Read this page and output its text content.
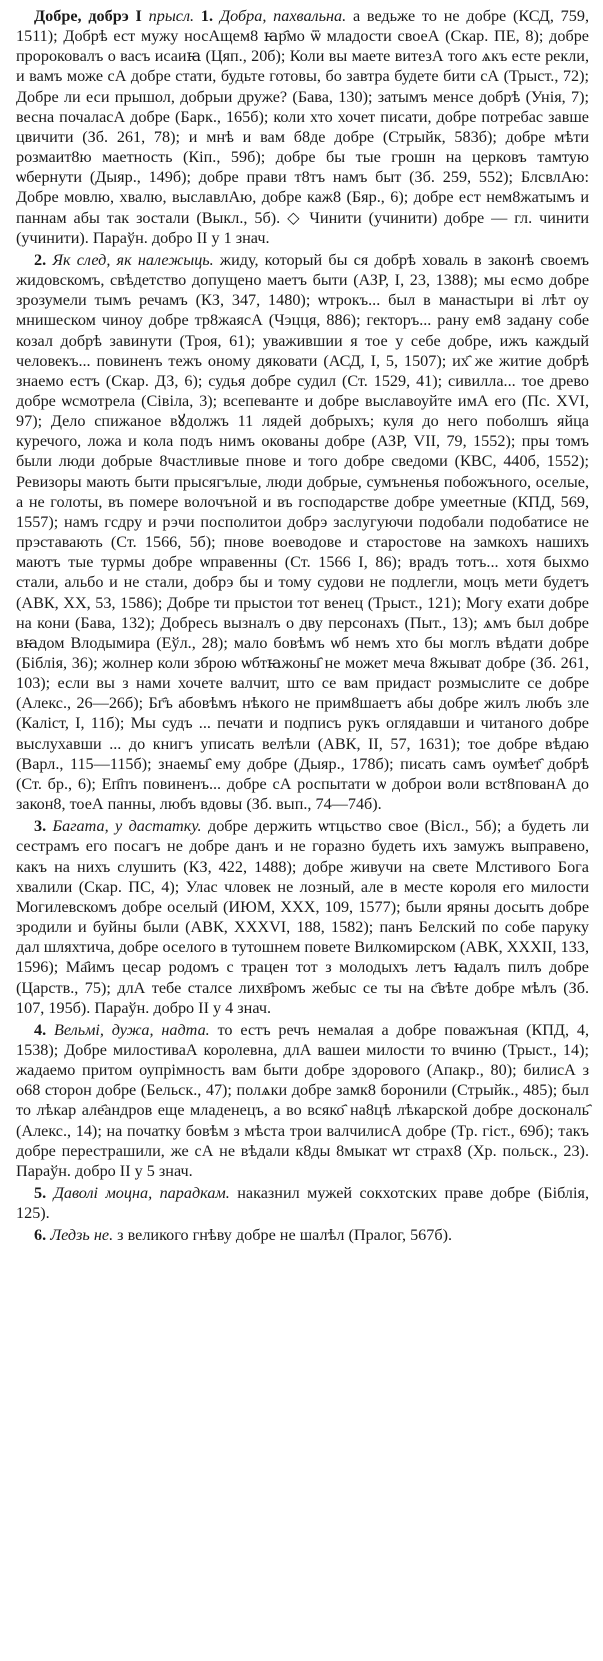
Добре, добрэ I прысл. 1. Добра, пахвальна. а ведьже то не добре (КСД, 759, 1511); Добрѣ ест мужу носАщем8 ꙗр҄мо ѿ младости своеА (Скар. ПЕ, 8); добре пророковалъ о васъ исаиꙗ (Цяп., 20б); Коли вы маете витезА того ѧкъ есте рекли, и вамъ може сА добре стати, будьте готовы, бо завтра будете бити сА (Трыст., 72); Добре ли еси прышол, добрыи друже? (Бава, 130); затымъ менсе добрѣ (Унія, 7); весна почаласА добре (Барк., 165б); коли хто хочет писати, добре потребас завше цвичити (Зб. 261, 78); и мнѣ и вам б8де добре (Стрыйк, 583б); добре мѣти розмаит8ю маетность (Кіп., 59б); добре бы тые грошн на церковъ тамтую ѡбернути (Дыяр., 149б); добре прави т8тъ намъ быт (Зб. 259, 552); БлсвлАю: Добре мовлю, хвалю, выславлАю, добре каж8 (Бяр., 6); добре ест нем8жатымъ и паннам абы так зостали (Выкл., 5б). ◇ Чинити (учинити) добре — гл. чинити (учинити). Параўн. добро II у 1 знач.

2. Як след, як належыць. жиду, который бы ся добрѣ ховаль в законѣ своемъ жидовскомъ, свѣдетство допущено маетъ быти (АЗР, I, 23, 1388); мы есмо добре зрозумели тымъ речамъ (КЗ, 347, 1480); ѡтрокъ... был в манастыри ві лѣт оу мнишеском чиноу добре тр8жаясА (Чэцця, 886); гекторъ... рану ем8 задану собе козал добрѣ завинути (Троя, 61); уважившии я тое у себе добре, ижъ каждый человекъ... повиненъ тежъ оному дяковати (АСД, I, 5, 1507); их҄ же житие добрѣ знаемо естъ (Скар. ДЗ, 6); судья добре судил (Ст. 1529, 41); сивилла... тое древо добре ѡсмотрела (Сівіла, 3); всепеванте и добре выславоуйте имА его (Пс. XVI, 97); Дело спижаное вꙋдолжъ 11 лядей добрыхъ; куля до него поболшъ яйца куречого, ложа и кола подъ нимъ окованы добре (АЗР, VII, 79, 1552); пры томъ были люди добрые 8частливые пнове и того добре сведоми (КВС, 440б, 1552); Ревизоры мають быти прысягълые, люди добрые, сумъненья побожъного, оселые, а не голоты, въ помере волочъной и въ господарстве добре умеетные (КПД, 569, 1557); намъ гсдру и рэчи посполитои добрэ заслугуючи подобали подобатисе не прэставають (Ст. 1566, 5б); пнове воеводове и старостове на замкохъ нашихъ маютъ тые турмы добре ѡправенны (Ст. 1566 I, 86); врадъ тотъ... хотя быхмо стали, альбо и не стали, добрэ бы и тому судови не подлегли, моцъ мети будетъ (АВК, XX, 53, 1586); Добре ти прыстои тот венец (Трыст., 121); Могу ехати добре на кони (Бава, 132); Добресь вызналъ о дву персонахъ (Пыт., 13); ѧмъ был добре вꙗдом Влодымира (Еўл., 28); мало бовѣмъ ѡб немъ хто бы моглъ вѣдати добре (Біблія, 36); жолнер коли зброю ѡбтꙗжоны҄ не может меча 8жыват добре (Зб. 261, 103); если вы з нами хочете валчит, што се вам придаст розмыслите се добре (Алекс., 26—26б); Бг҄ъ абовѣмъ нѣкого не прим8шаетъ абы добре жилъ любъ зле (Каліст, I, 11б); Мы судъ ... печати и подписъ рукъ оглядавши и читаного добре выслухавши ... до книгъ уписать велѣли (АВК, II, 57, 1631); тое добре вѣдаю (Варл., 115—115б); знаемы҄ ему добре (Дыяр., 178б); писать самъ оумѣет҄ добрѣ (Ст. бр., 6); Еп҄пъ повиненъ... добре сА роспытати ѡ доброи воли вст8пованА до закон8, тоеА панны, любъ вдовы (Зб. вып., 74—74б).

3. Багата, у дастатку. добре держить ѡтцьство свое (Вісл., 5б); а будеть ли сестрамъ его посагъ не добре данъ и не горазно будеть ихъ замужъ выправено, какъ на нихъ слушить (КЗ, 422, 1488); добре живучи на свете Млстивого Бога хвалили (Скар. ПС, 4); Улас чловек не лозный, але в месте короля его милости Могилевскомъ добре оселый (ИЮМ, XXX, 109, 1577); были яряны досыть добре зродили и буйны были (АВК, XXXVI, 188, 1582); панъ Белский по собе паруку дал шляхтича, добре оселого в тутошнем повете Вилкомирском (АВК, XXXII, 133, 1596); Ма҄имъ цесар родомъ с трацен тот з молодыхъ летъ ꙗдалъ пилъ добре (Царств., 75); длА тебе сталсе лихв҄ромъ жебыс се ты на с҄вѣте добре мѣлъ (Зб. 107, 195б). Параўн. добро II у 4 знач.

4. Вельмі, дужа, надта. то естъ речъ немалая а добре поважъная (КПД, 4, 1538); Добре милостиваА королевна, длА вашеи милости то вчиню (Трыст., 14); жадаемо притом оупрімность вам быти добре здорового (Апакр., 80); билисА з о68 сторон добре (Бельск., 47); полѧки добре замк8 боронили (Стрыйк., 485); был то лѣкар але҄андров еще младенецъ, а во всяко҄ на8цѣ лѣкарской добре доскональ҄ (Алекс., 14); на початку бовѣм з мѣста трои валчилисА добре (Тр. гіст., 69б); такъ добре перестрашили, же сА не вѣдали к8ды 8мыкат ѡт страх8 (Хр. польск., 23). Параўн. добро II у 5 знач.

5. Даволі моцна, парадкам. наказнил мужей сокхотских праве добре (Біблія, 125).

6. Ледзь не. з великого гнѣву добре не шалѣл (Пралог, 567б).
